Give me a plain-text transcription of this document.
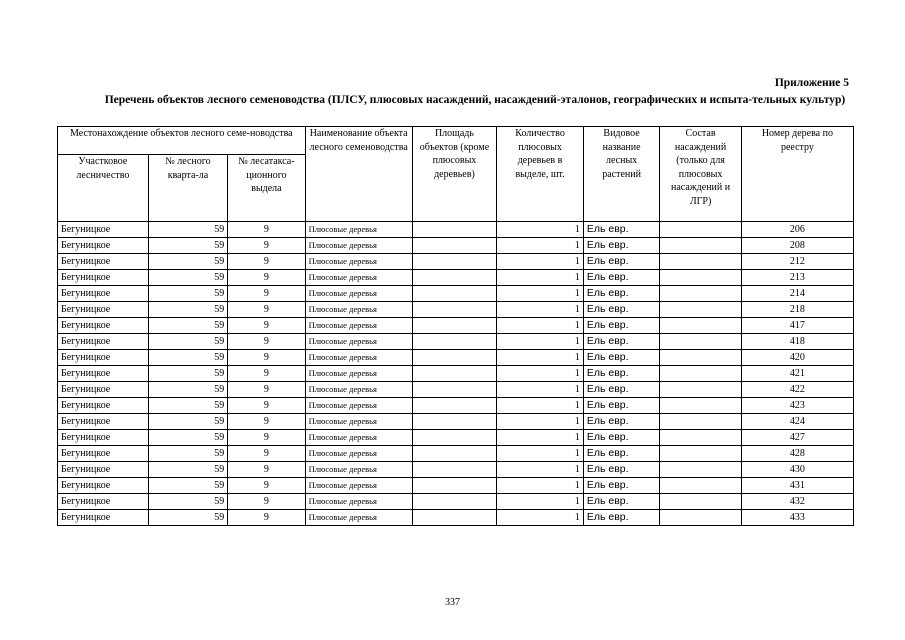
Приложение 5
Перечень объектов лесного семеноводства (ПЛСУ, плюсовых насаждений, насаждений-эталонов, географических и испыта-тельных культур)
Местонахождение объектов лесного семе-новодства			Наименование объекта лесного семеноводства	Площадь объектов (кроме плюсовых деревьев)	Количество плюсовых деревьев в выделе, шт.	Видовое название лесных растений	Состав насаждений (только для плюсовых насаждений и ЛГР)	Номер дерева по реестру
Участковое лесничество	№ лесного кварта-ла	№ лесатакса-ционного выдела						
Бегуницкое	59	9	Плюсовые деревья		1	Ель евр.		206
Бегуницкое	59	9	Плюсовые деревья		1	Ель евр.		208
Бегуницкое	59	9	Плюсовые деревья		1	Ель евр.		212
Бегуницкое	59	9	Плюсовые деревья		1	Ель евр.		213
Бегуницкое	59	9	Плюсовые деревья		1	Ель евр.		214
Бегуницкое	59	9	Плюсовые деревья		1	Ель евр.		218
Бегуницкое	59	9	Плюсовые деревья		1	Ель евр.		417
Бегуницкое	59	9	Плюсовые деревья		1	Ель евр.		418
Бегуницкое	59	9	Плюсовые деревья		1	Ель евр.		420
Бегуницкое	59	9	Плюсовые деревья		1	Ель евр.		421
Бегуницкое	59	9	Плюсовые деревья		1	Ель евр.		422
Бегуницкое	59	9	Плюсовые деревья		1	Ель евр.		423
Бегуницкое	59	9	Плюсовые деревья		1	Ель евр.		424
Бегуницкое	59	9	Плюсовые деревья		1	Ель евр.		427
Бегуницкое	59	9	Плюсовые деревья		1	Ель евр.		428
Бегуницкое	59	9	Плюсовые деревья		1	Ель евр.		430
Бегуницкое	59	9	Плюсовые деревья		1	Ель евр.		431
Бегуницкое	59	9	Плюсовые деревья		1	Ель евр.		432
Бегуницкое	59	9	Плюсовые деревья		1	Ель евр.		433
337
